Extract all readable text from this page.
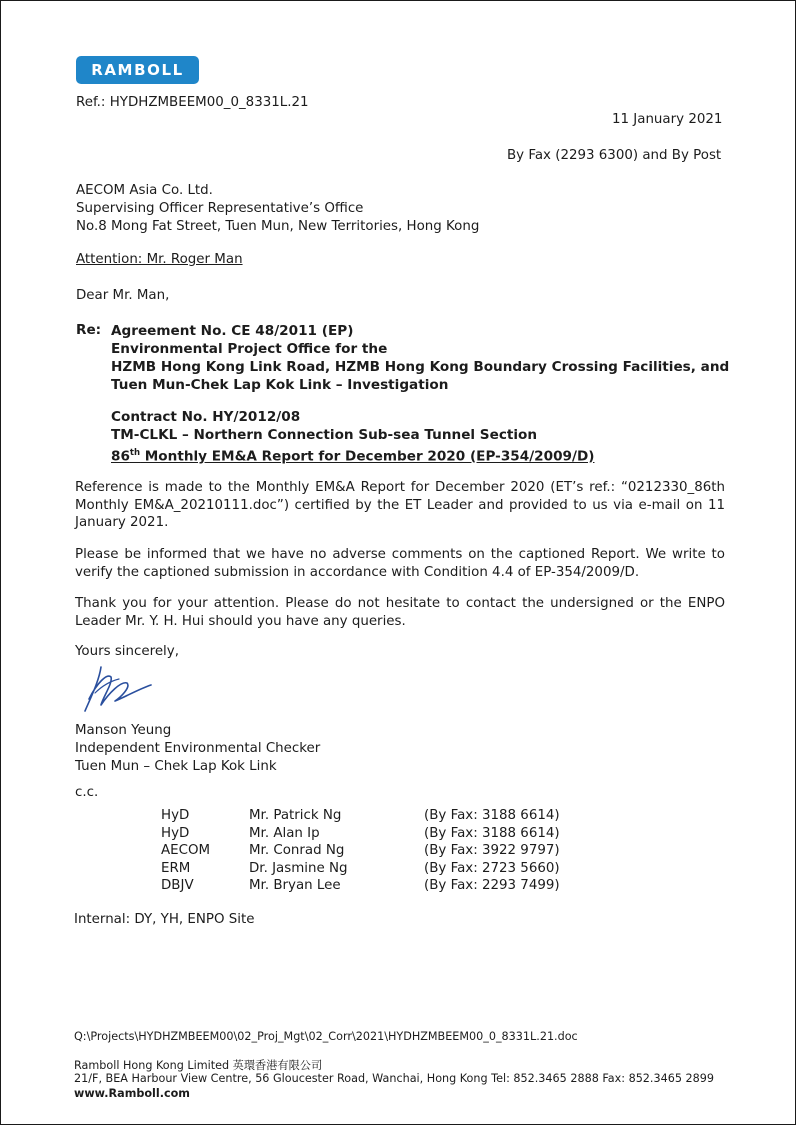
RAMBOLL
Ref.: HYDHZMBEEM00_0_8331L.21
11 January 2021
By Fax (2293 6300) and By Post
AECOM Asia Co. Ltd.
Supervising Officer Representative’s Office
No.8 Mong Fat Street, Tuen Mun, New Territories, Hong Kong
Attention: Mr. Roger Man
Dear Mr. Man,
Re: Agreement No. CE 48/2011 (EP)
Environmental Project Office for the
HZMB Hong Kong Link Road, HZMB Hong Kong Boundary Crossing Facilities, and
Tuen Mun-Chek Lap Kok Link – Investigation
Contract No. HY/2012/08
TM-CLKL – Northern Connection Sub-sea Tunnel Section
86th Monthly EM&A Report for December 2020 (EP-354/2009/D)
Reference is made to the Monthly EM&A Report for December 2020 (ET’s ref.: “0212330_86th Monthly EM&A_20210111.doc”) certified by the ET Leader and provided to us via e-mail on 11 January 2021.
Please be informed that we have no adverse comments on the captioned Report. We write to verify the captioned submission in accordance with Condition 4.4 of EP-354/2009/D.
Thank you for your attention. Please do not hesitate to contact the undersigned or the ENPO Leader Mr. Y. H. Hui should you have any queries.
Yours sincerely,
Manson Yeung
Independent Environmental Checker
Tuen Mun – Chek Lap Kok Link
c.c.
HyD	Mr. Patrick Ng	(By Fax: 3188 6614)
HyD	Mr. Alan Ip	(By Fax: 3188 6614)
AECOM	Mr. Conrad Ng	(By Fax: 3922 9797)
ERM	Dr. Jasmine Ng	(By Fax: 2723 5660)
DBJV	Mr. Bryan Lee	(By Fax: 2293 7499)
Internal: DY, YH, ENPO Site
Q:\Projects\HYDHZMBEEM00\02_Proj_Mgt\02_Corr\2021\HYDHZMBEEM00_0_8331L.21.doc
Ramboll Hong Kong Limited 英環香港有限公司
21/F, BEA Harbour View Centre, 56 Gloucester Road, Wanchai, Hong Kong Tel: 852.3465 2888 Fax: 852.3465 2899
www.Ramboll.com
